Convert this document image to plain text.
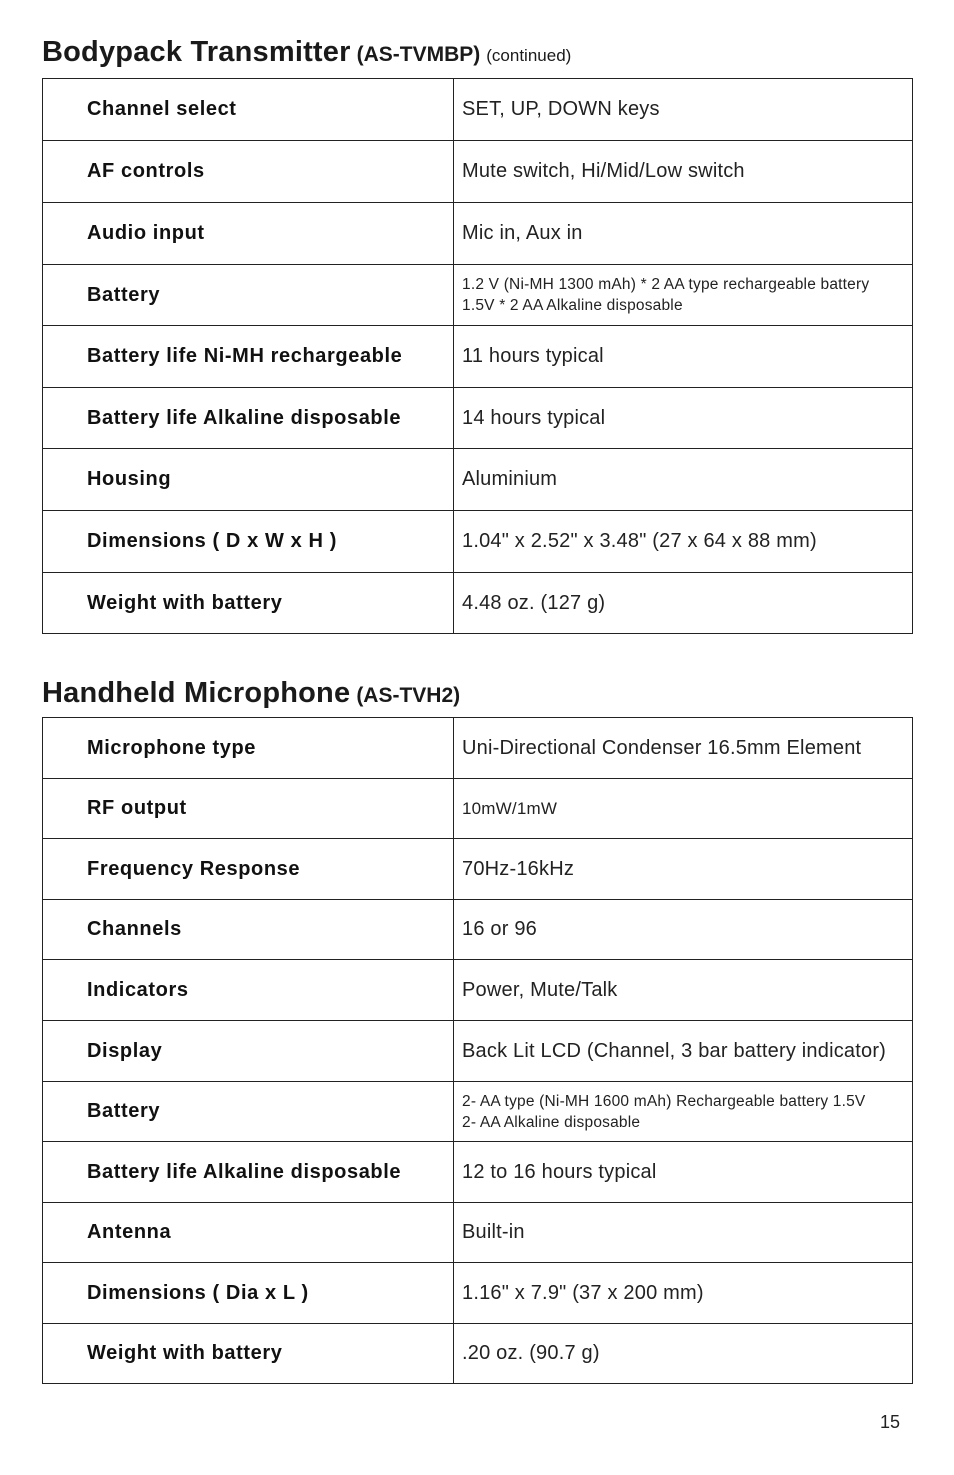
Bodypack Transmitter (AS-TVMBP) (continued)
Channel select	SET, UP, DOWN keys
AF controls	Mute switch, Hi/Mid/Low switch
Audio input	Mic in, Aux in
Battery	1.2 V (Ni-MH 1300 mAh) * 2 AA type rechargeable battery
1.5V * 2 AA Alkaline disposable

Battery life Ni-MH rechargeable	11 hours typical
Battery life Alkaline disposable	14 hours typical
Housing	Aluminium
Dimensions ( D x W x H )	1.04" x 2.52" x 3.48" (27 x 64 x 88 mm)
Weight with battery	4.48 oz. (127 g)
Handheld Microphone (AS-TVH2)
Microphone type	Uni-Directional Condenser 16.5mm Element
RF output	10mW/1mW
Frequency Response	70Hz-16kHz
Channels	16 or 96
Indicators	Power, Mute/Talk
Display	Back Lit LCD (Channel, 3 bar battery indicator)
Battery	2- AA type (Ni-MH 1600 mAh) Rechargeable battery 1.5V
2- AA Alkaline disposable

Battery life Alkaline disposable	12 to 16 hours typical
Antenna	Built-in
Dimensions ( Dia x L )	1.16" x 7.9" (37 x 200 mm)
Weight with battery	.20 oz. (90.7 g)
15
